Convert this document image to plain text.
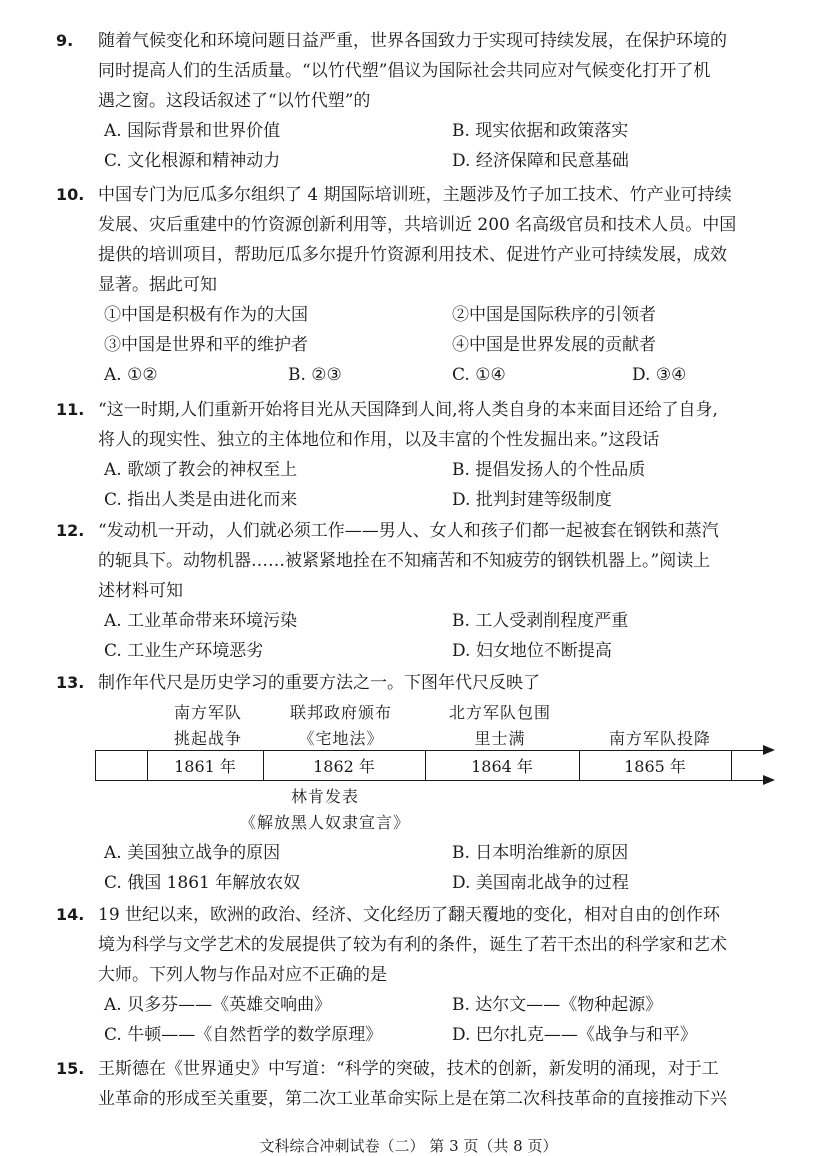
9. 随着气候变化和环境问题日益严重，世界各国致力于实现可持续发展，在保护环境的

同时提高人们的生活质量。“以竹代塑”倡议为国际社会共同应对气候变化打开了机

遇之窗。这段话叙述了“以竹代塑”的

A. 国际背景和世界价值	B. 现实依据和政策落实
C. 文化根源和精神动力	D. 经济保障和民意基础

10. 中国专门为厄瓜多尔组织了 4 期国际培训班，主题涉及竹子加工技术、竹产业可持续

发展、灾后重建中的竹资源创新利用等，共培训近 200 名高级官员和技术人员。中国

提供的培训项目，帮助厄瓜多尔提升竹资源利用技术、促进竹产业可持续发展，成效

显著。据此可知

①中国是积极有作为的大国	②中国是国际秩序的引领者
③中国是世界和平的维护者	④中国是世界发展的贡献者
A. ①②	B. ②③	C. ①④	D. ③④

11. “这一时期,人们重新开始将目光从天国降到人间,将人类自身的本来面目还给了自身,

将人的现实性、独立的主体地位和作用，以及丰富的个性发掘出来。”这段话

A. 歌颂了教会的神权至上	B. 提倡发扬人的个性品质
C. 指出人类是由进化而来	D. 批判封建等级制度

12. “发动机一开动，人们就必须工作——男人、女人和孩子们都一起被套在钢铁和蒸汽

的轭具下。动物机器……被紧紧地拴在不知痛苦和不知疲劳的钢铁机器上。”阅读上

述材料可知

A. 工业革命带来环境污染	B. 工人受剥削程度严重
C. 工业生产环境恶劣	D. 妇女地位不断提高

13. 制作年代尺是历史学习的重要方法之一。下图年代尺反映了

南方军队
挑起战争
联邦政府颁布
《宅地法》
北方军队包围
里士满	南方军队投降
1861 年	1862 年	1864 年	1865 年
林肯发表
《解放黑人奴隶宣言》
A. 美国独立战争的原因	B. 日本明治维新的原因
C. 俄国 1861 年解放农奴	D. 美国南北战争的过程

14. 19 世纪以来，欧洲的政治、经济、文化经历了翻天覆地的变化，相对自由的创作环

境为科学与文学艺术的发展提供了较为有利的条件，诞生了若干杰出的科学家和艺术

大师。下列人物与作品对应不正确的是

A. 贝多芬——《英雄交响曲》	B. 达尔文——《物种起源》
C. 牛顿——《自然哲学的数学原理》	D. 巴尔扎克——《战争与和平》

15. 王斯德在《世界通史》中写道：“科学的突破，技术的创新，新发明的涌现，对于工

业革命的形成至关重要，第二次工业革命实际上是在第二次科技革命的直接推动下兴

文科综合冲刺试卷（二） 第 3 页（共 8 页）
